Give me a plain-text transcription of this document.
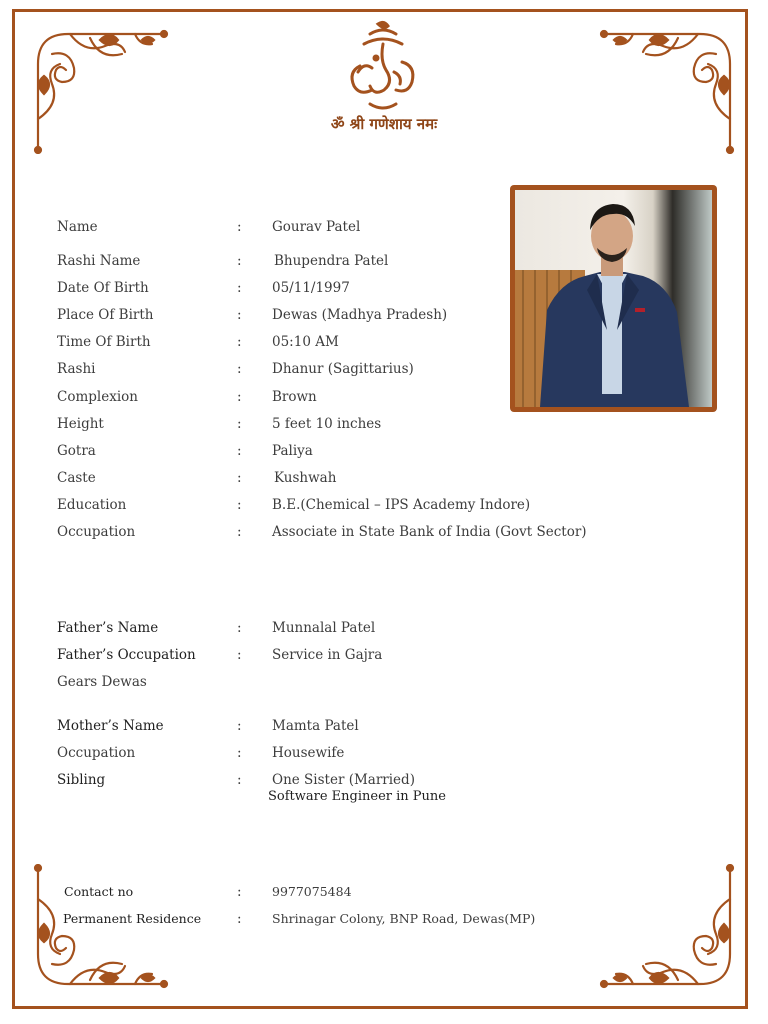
ॐ श्री गणेशाय नमः
Name	: Gourav Patel
Rashi Name	: Bhupendra Patel
Date Of Birth	: 05/11/1997
Place Of Birth	: Dewas (Madhya Pradesh)
Time Of Birth	: 05:10 AM
Rashi	: Dhanur (Sagittarius)
Complexion	: Brown
Height	: 5 feet 10 inches
Gotra	: Paliya
Caste	: Kushwah
Education	: B.E.(Chemical – IPS Academy Indore)
Occupation	: Associate in State Bank of India (Govt Sector)
Father’s Name	: Munnalal Patel
Father’s Occupation	: Service in Gajra
Gears Dewas
Mother’s Name	: Mamta Patel
Occupation	: Housewife
Sibling	: One Sister (Married)
Software Engineer in Pune
Contact no	: 9977075484
Permanent Residence	: Shrinagar Colony, BNP Road, Dewas(MP)
